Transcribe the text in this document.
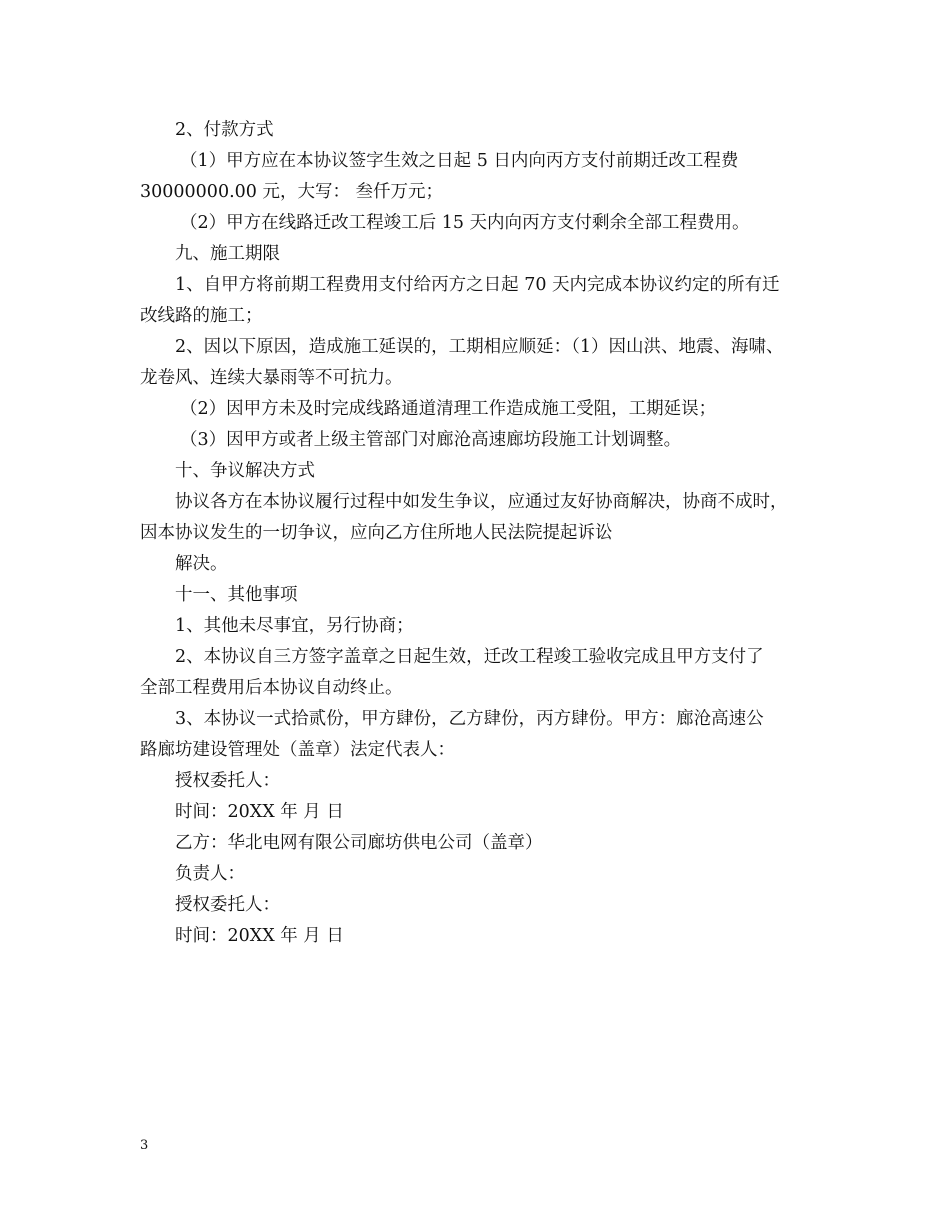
2、付款方式
（1）甲方应在本协议签字生效之日起 5 日内向丙方支付前期迁改工程费
30000000.00 元，大写： 叁仟万元；
（2）甲方在线路迁改工程竣工后 15 天内向丙方支付剩余全部工程费用。
九、施工期限
1、自甲方将前期工程费用支付给丙方之日起 70 天内完成本协议约定的所有迁
改线路的施工；
2、因以下原因，造成施工延误的，工期相应顺延：（1）因山洪、地震、海啸、
龙卷风、连续大暴雨等不可抗力。
（2）因甲方未及时完成线路通道清理工作造成施工受阻，工期延误；
（3）因甲方或者上级主管部门对廊沧高速廊坊段施工计划调整。
十、争议解决方式
协议各方在本协议履行过程中如发生争议，应通过友好协商解决，协商不成时，
因本协议发生的一切争议，应向乙方住所地人民法院提起诉讼
解决。
十一、其他事项
1、其他未尽事宜，另行协商；
2、本协议自三方签字盖章之日起生效，迁改工程竣工验收完成且甲方支付了
全部工程费用后本协议自动终止。
3、本协议一式拾贰份，甲方肆份，乙方肆份，丙方肆份。甲方：廊沧高速公
路廊坊建设管理处（盖章）法定代表人：
授权委托人：
时间：20XX 年 月 日
乙方：华北电网有限公司廊坊供电公司（盖章）
负责人：
授权委托人：
时间：20XX 年 月 日
3
